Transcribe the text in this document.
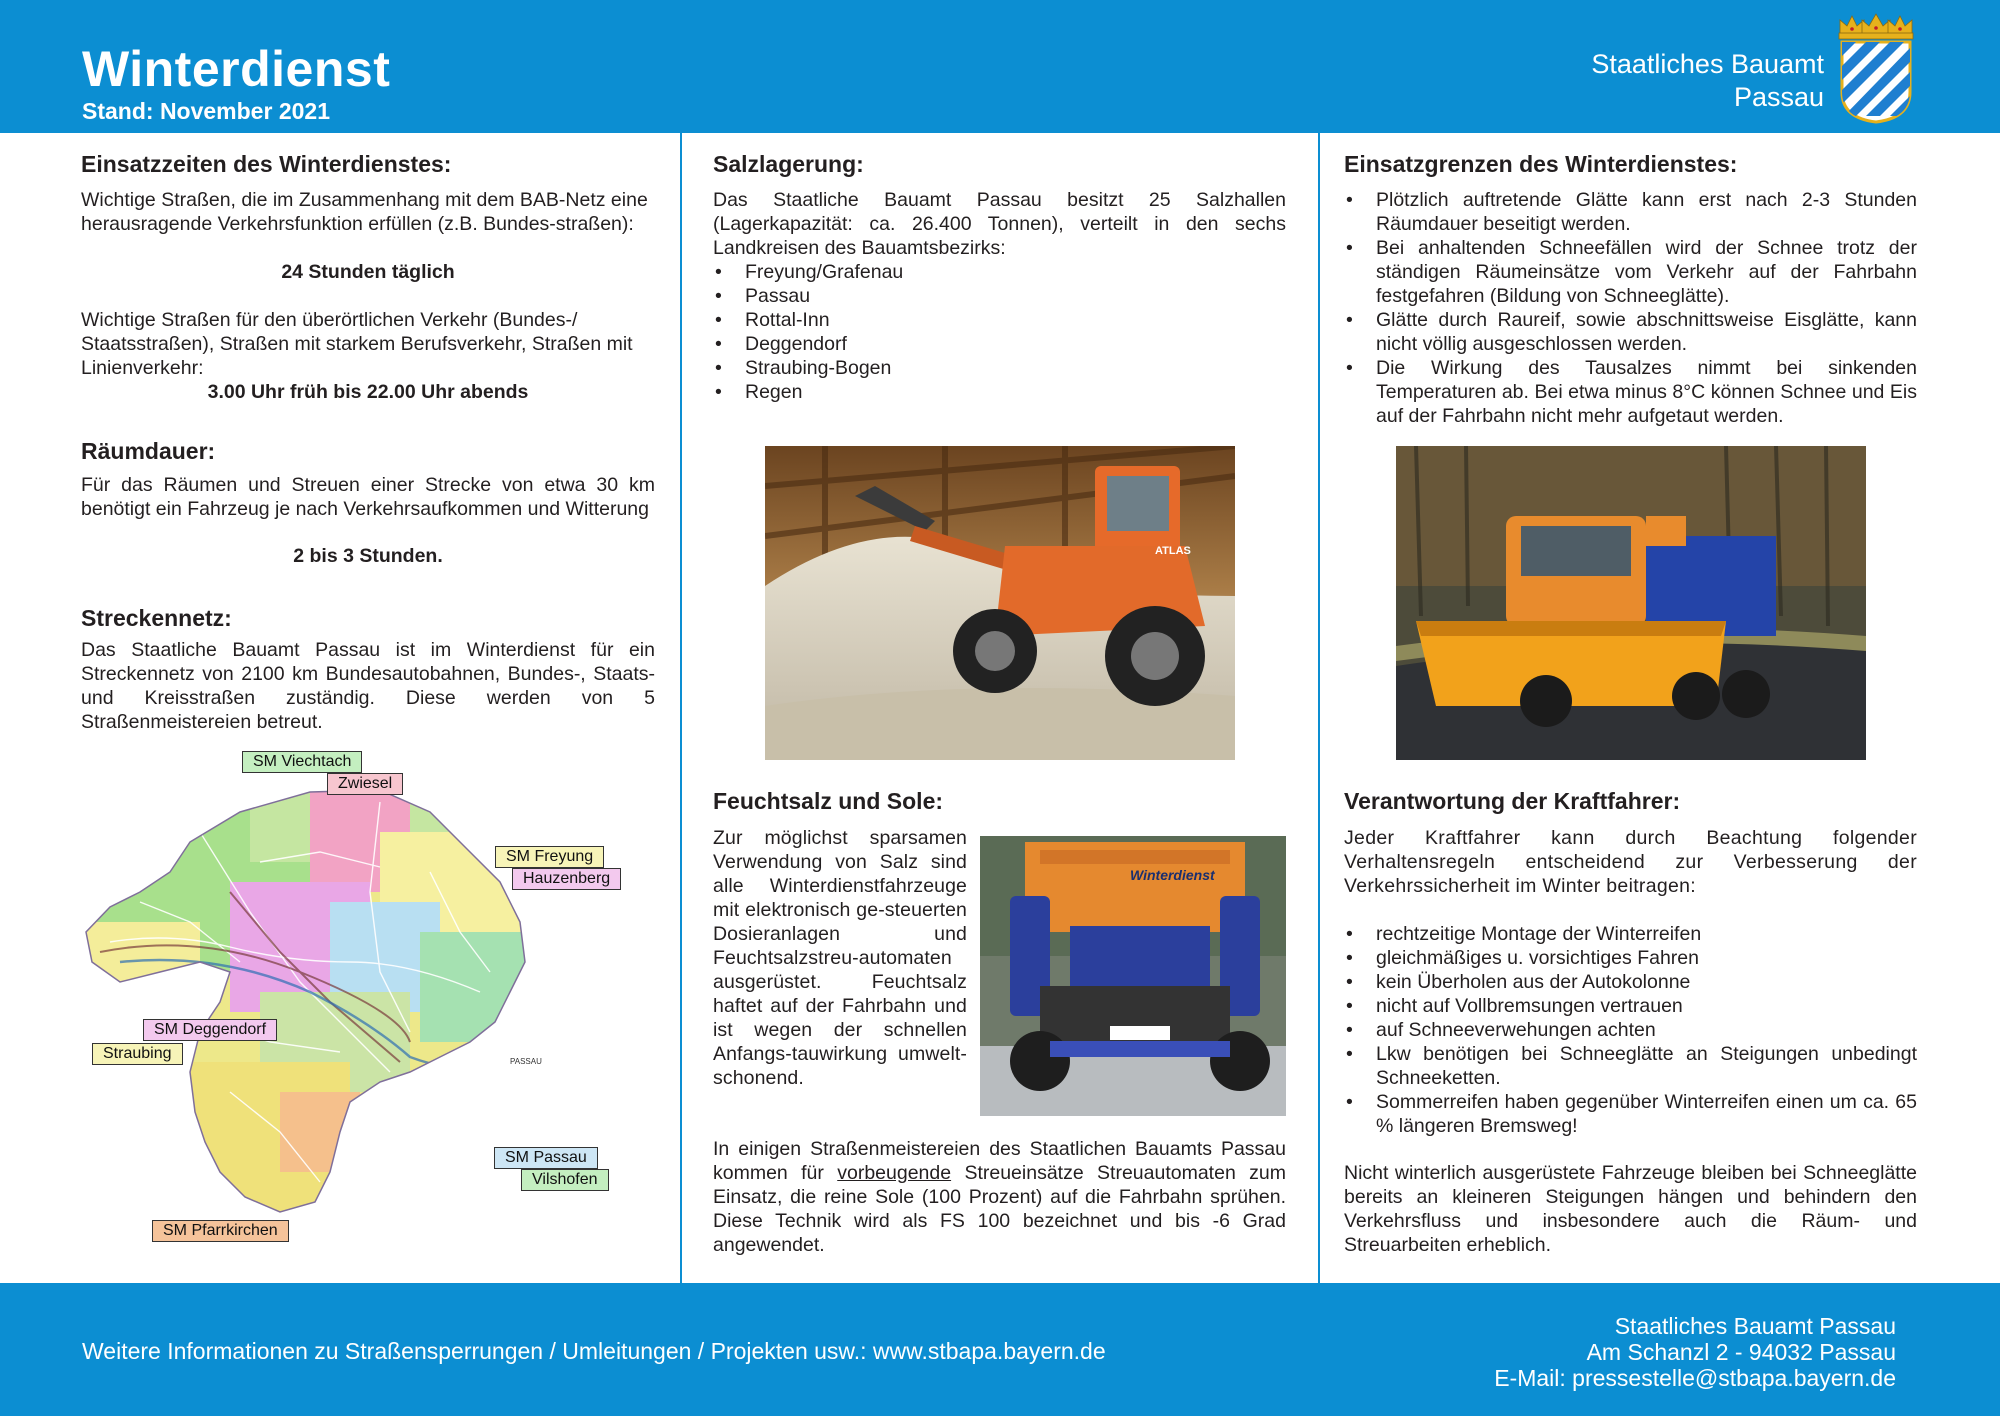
Winterdienst
Stand: November 2021
Staatliches Bauamt
Passau
Einsatzzeiten des Winterdienstes:
Wichtige Straßen, die im Zusammenhang mit dem BAB-Netz eine herausragende Verkehrsfunktion erfüllen (z.B. Bundes-straßen):
24 Stunden täglich
Wichtige Straßen für den überörtlichen Verkehr (Bundes-/ Staatsstraßen), Straßen mit starkem Berufsverkehr, Straßen mit Linienverkehr:
3.00 Uhr früh bis 22.00 Uhr abends
Räumdauer:
Für das Räumen und Streuen einer Strecke von etwa 30 km benötigt ein Fahrzeug je nach Verkehrsaufkommen und Witterung
2 bis 3 Stunden.
Streckennetz:
Das Staatliche Bauamt Passau ist im Winterdienst für ein Streckennetz von 2100 km Bundesautobahnen, Bundes-, Staats- und Kreisstraßen zuständig. Diese werden von 5 Straßenmeistereien betreut.
PASSAU
SM Viechtach
Zwiesel
SM Freyung
Hauzenberg
SM Deggendorf
Straubing
SM Passau
Vilshofen
SM Pfarrkirchen
Salzlagerung:
Das Staatliche Bauamt Passau besitzt 25 Salzhallen (Lagerkapazität: ca. 26.400 Tonnen), verteilt in den sechs Landkreisen des Bauamtsbezirks:
• Freyung/Grafenau
• Passau
• Rottal-Inn
• Deggendorf
• Straubing-Bogen
• Regen
ATLAS
Feuchtsalz und Sole:
Zur möglichst sparsamen Verwendung von Salz sind alle Winterdienstfahrzeuge mit elektronisch ge-steuerten Dosieranlagen und Feuchtsalzstreu-automaten ausgerüstet. Feuchtsalz haftet auf der Fahrbahn und ist wegen der schnellen Anfangs-tauwirkung umwelt-schonend.
Winterdienst
In einigen Straßenmeistereien des Staatlichen Bauamts Passau kommen für vorbeugende Streueinsätze Streuautomaten zum Einsatz, die reine Sole (100 Prozent) auf die Fahrbahn sprühen. Diese Technik wird als FS 100 bezeichnet und bis -6 Grad angewendet.
Einsatzgrenzen des Winterdienstes:
• Plötzlich auftretende Glätte kann erst nach 2-3 Stunden Räumdauer beseitigt werden.
• Bei anhaltenden Schneefällen wird der Schnee trotz der ständigen Räumeinsätze vom Verkehr auf der Fahrbahn festgefahren (Bildung von Schneeglätte).
• Glätte durch Raureif, sowie abschnittsweise Eisglätte, kann nicht völlig ausgeschlossen werden.
• Die Wirkung des Tausalzes nimmt bei sinkenden Temperaturen ab. Bei etwa minus 8°C können Schnee und Eis auf der Fahrbahn nicht mehr aufgetaut werden.
Verantwortung der Kraftfahrer:
Jeder Kraftfahrer kann durch Beachtung folgender Verhaltensregeln entscheidend zur Verbesserung der Verkehrssicherheit im Winter beitragen:
• rechtzeitige Montage der Winterreifen
• gleichmäßiges u. vorsichtiges Fahren
• kein Überholen aus der Autokolonne
• nicht auf Vollbremsungen vertrauen
• auf Schneeverwehungen achten
• Lkw benötigen bei Schneeglätte an Steigungen unbedingt Schneeketten.
• Sommerreifen haben gegenüber Winterreifen einen um ca. 65 % längeren Bremsweg!
Nicht winterlich ausgerüstete Fahrzeuge bleiben bei Schneeglätte bereits an kleineren Steigungen hängen und behindern den Verkehrsfluss und insbesondere auch die Räum- und Streuarbeiten erheblich.
Weitere Informationen zu Straßensperrungen / Umleitungen / Projekten usw.: www.stbapa.bayern.de
Staatliches Bauamt Passau
Am Schanzl 2 - 94032 Passau
E-Mail: pressestelle@stbapa.bayern.de
